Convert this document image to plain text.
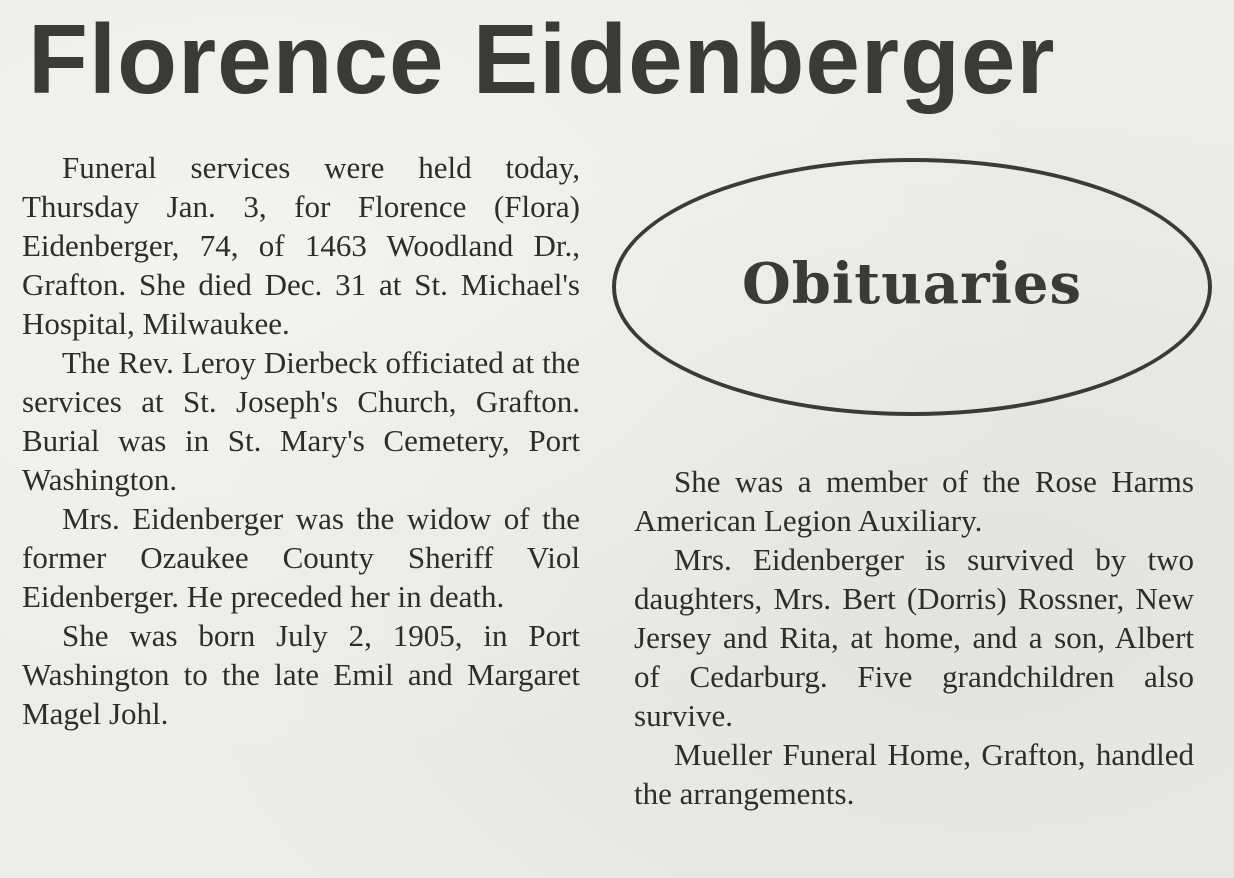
Florence Eidenberger

Funeral services were held today, Thursday Jan. 3, for Florence (Flora) Eidenberger, 74, of 1463 Woodland Dr., Grafton. She died Dec. 31 at St. Michael's Hospital, Milwaukee.

The Rev. Leroy Dierbeck officiated at the services at St. Joseph's Church, Grafton. Burial was in St. Mary's Cemetery, Port Washington.

Mrs. Eidenberger was the widow of the former Ozaukee County Sheriff Viol Eidenberger. He preceded her in death.

She was born July 2, 1905, in Port Washington to the late Emil and Margaret Magel Johl.

Obituaries

She was a member of the Rose Harms American Legion Auxiliary.

Mrs. Eidenberger is survived by two daughters, Mrs. Bert (Dorris) Rossner, New Jersey and Rita, at home, and a son, Albert of Cedarburg. Five grandchildren also survive.

Mueller Funeral Home, Grafton, handled the arrangements.
